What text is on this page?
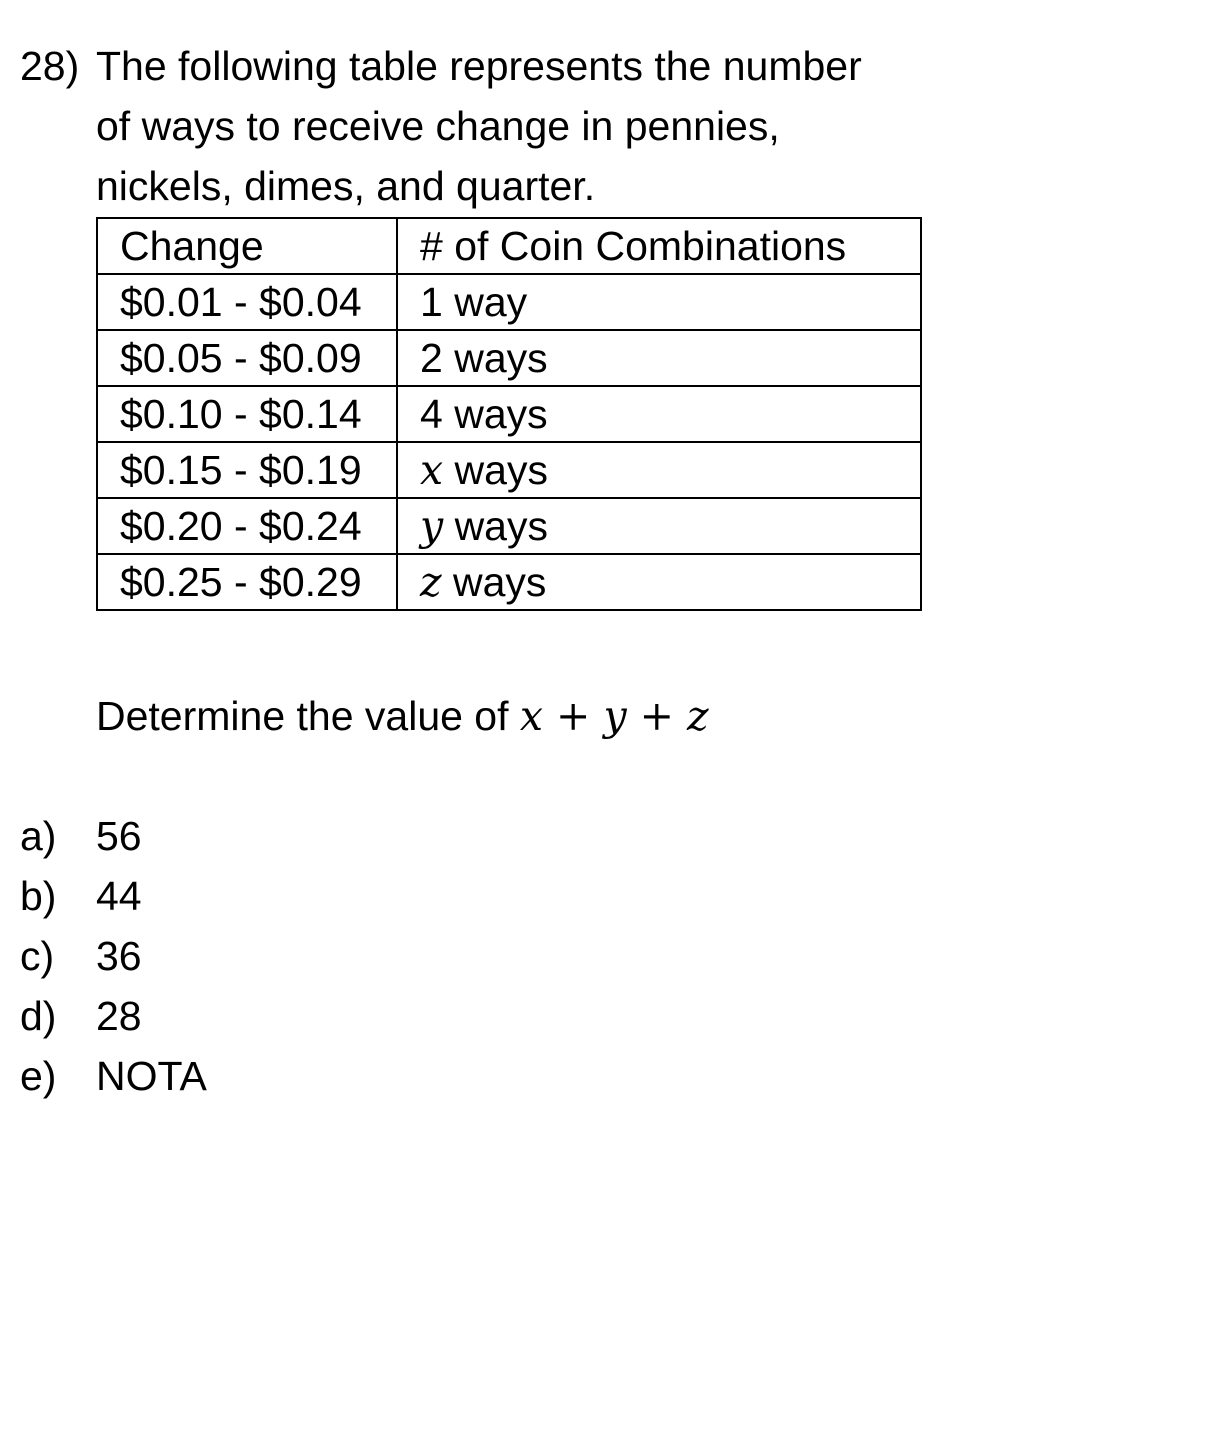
28) The following table represents the number
of ways to receive change in pennies,
nickels, dimes, and quarter.
Change	# of Coin Combinations
$0.01 - $0.04	1 way
$0.05 - $0.09	2 ways
$0.10 - $0.14	4 ways
$0.15 - $0.19	x ways
$0.20 - $0.24	y ways
$0.25 - $0.29	z ways
Determine the value of x + y + z
a) 56
b) 44
c) 36
d) 28
e) NOTA
